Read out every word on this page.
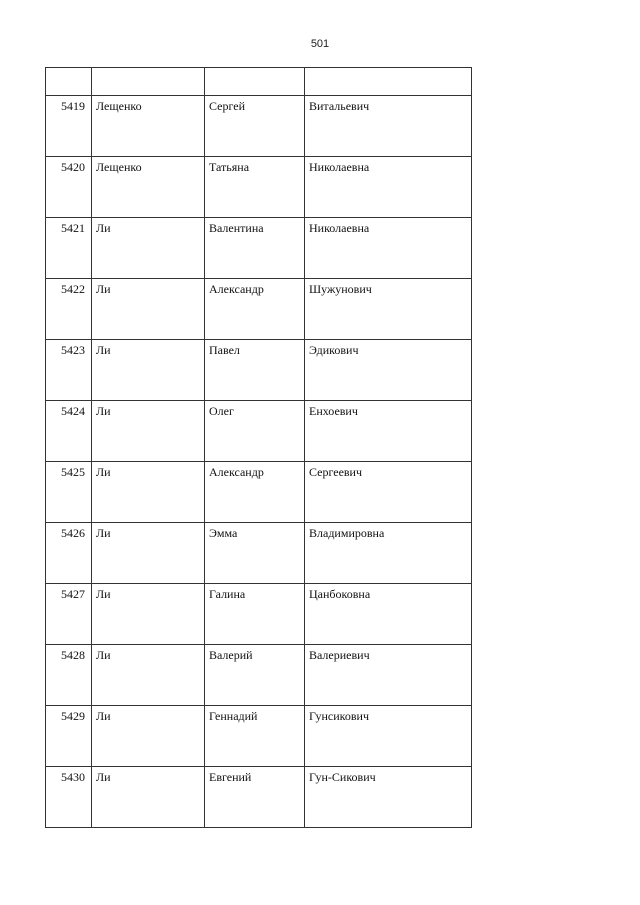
501

5419	Лещенко	Сергей	Витальевич
5420	Лещенко	Татьяна	Николаевна
5421	Ли	Валентина	Николаевна
5422	Ли	Александр	Шужунович
5423	Ли	Павел	Эдикович
5424	Ли	Олег	Енхоевич
5425	Ли	Александр	Сергеевич
5426	Ли	Эмма	Владимировна
5427	Ли	Галина	Цанбоковна
5428	Ли	Валерий	Валериевич
5429	Ли	Геннадий	Гунсикович
5430	Ли	Евгений	Гун-Сикович
